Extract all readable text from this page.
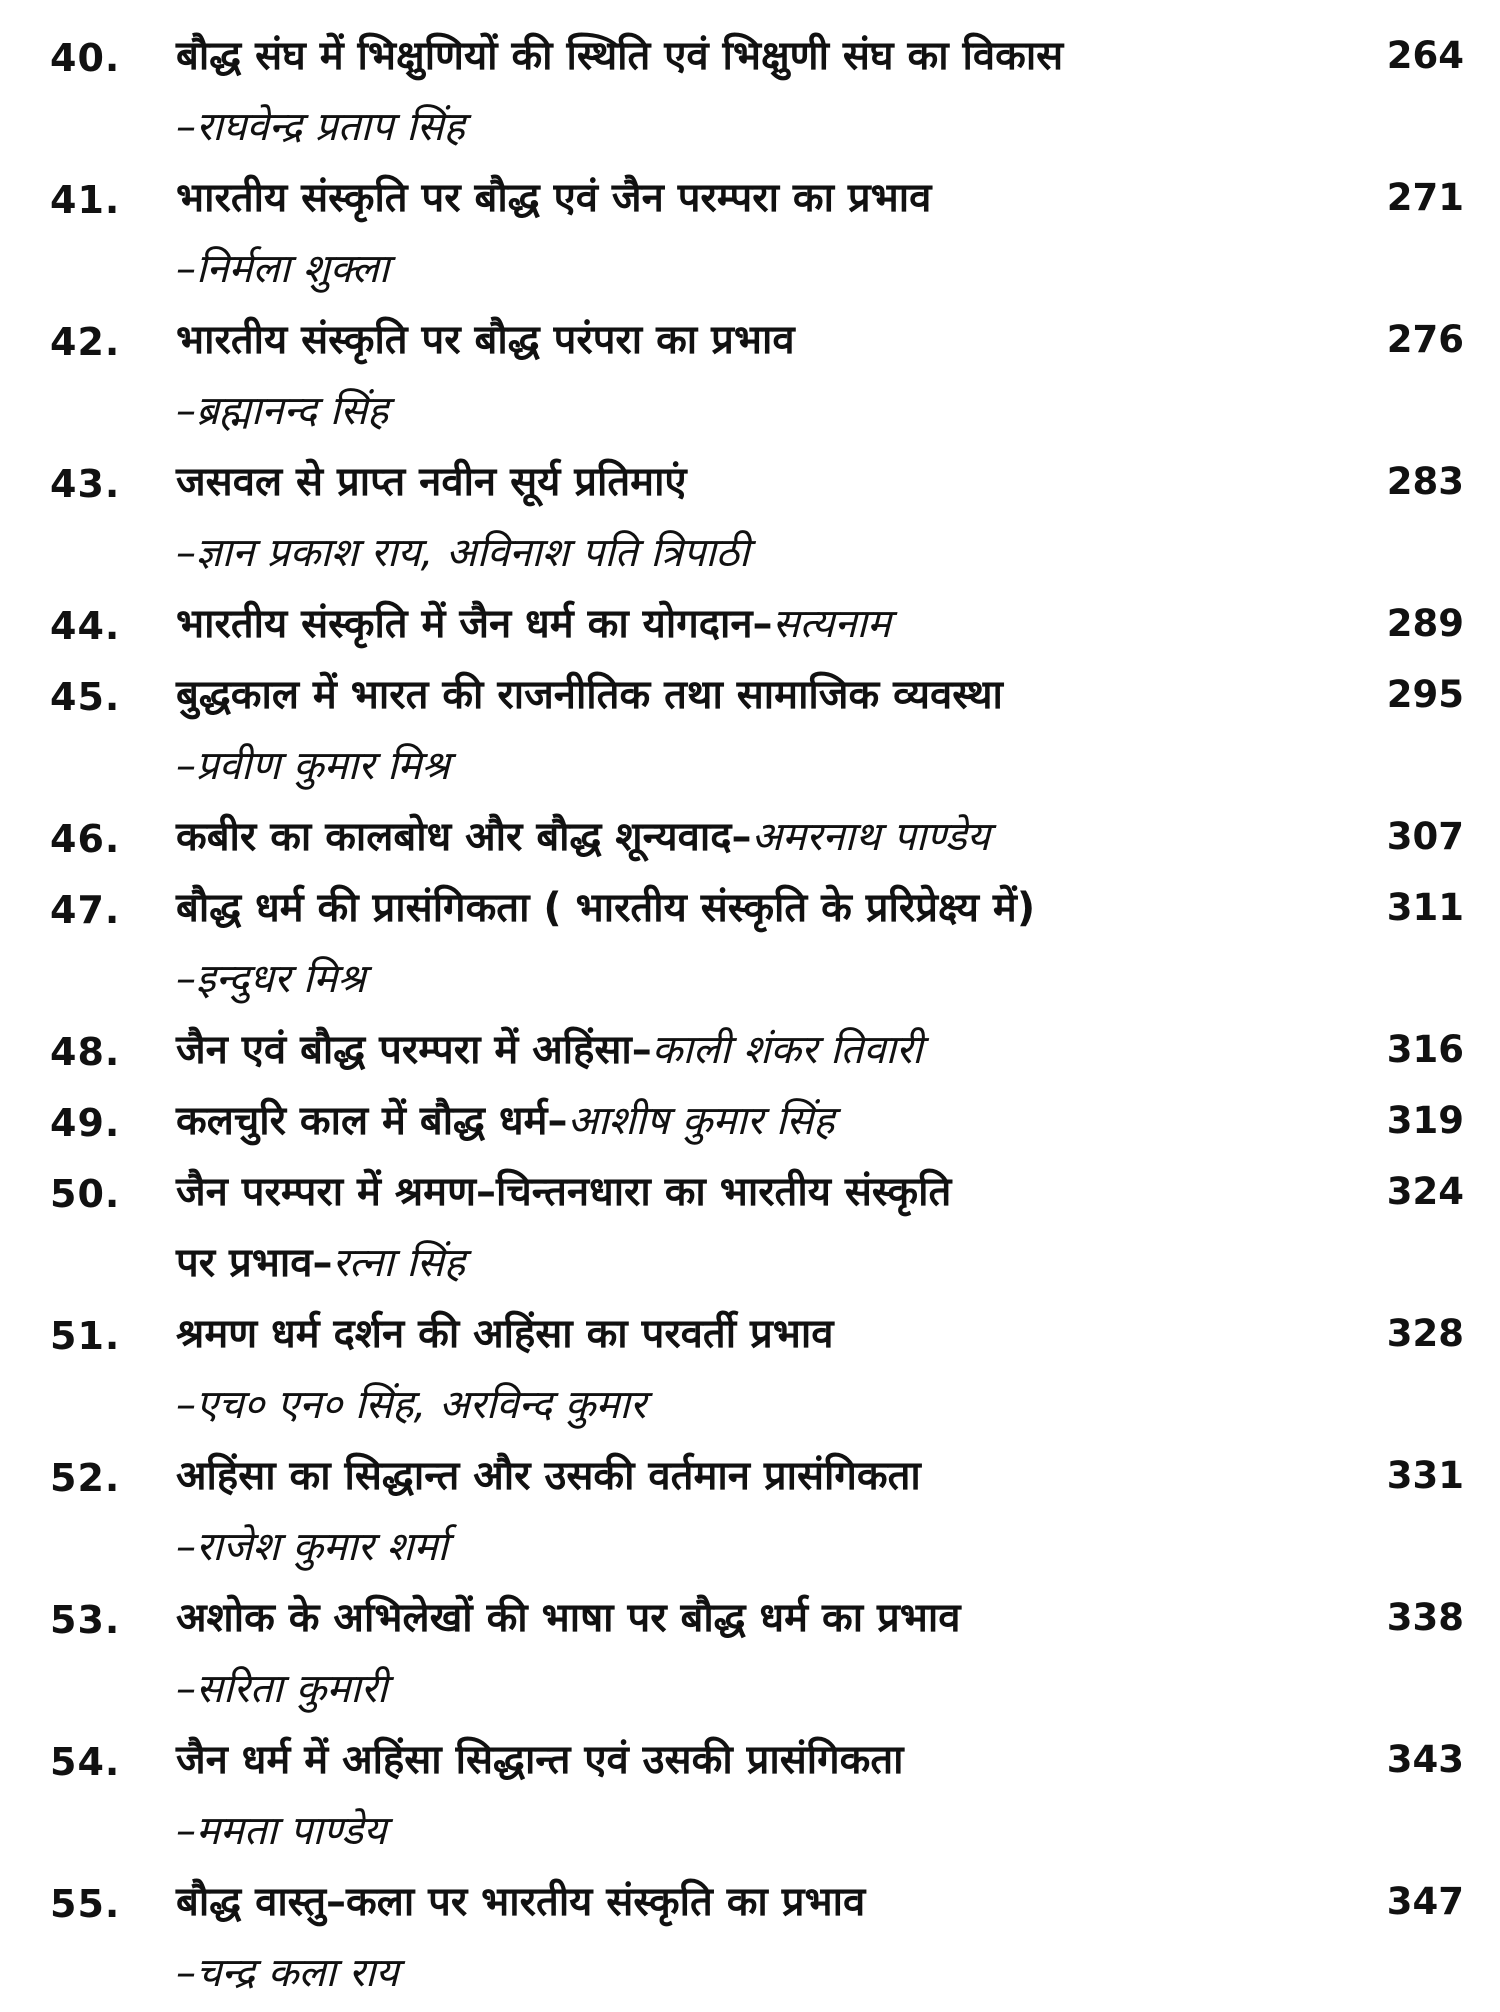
40. बौद्ध संघ में भिक्षुणियों की स्थिति एवं भिक्षुणी संघ का विकास	264
–राघवेन्द्र प्रताप सिंह
41. भारतीय संस्कृति पर बौद्ध एवं जैन परम्परा का प्रभाव	271
–निर्मला शुक्ला
42. भारतीय संस्कृति पर बौद्ध परंपरा का प्रभाव	276
–ब्रह्मानन्द सिंह
43. जसवल से प्राप्त नवीन सूर्य प्रतिमाएं	283
–ज्ञान प्रकाश राय, अविनाश पति त्रिपाठी
44. भारतीय संस्कृति में जैन धर्म का योगदान–सत्यनाम	289
45. बुद्धकाल में भारत की राजनीतिक तथा सामाजिक व्यवस्था	295
–प्रवीण कुमार मिश्र
46. कबीर का कालबोध और बौद्ध शून्यवाद–अमरनाथ पाण्डेय	307
47. बौद्ध धर्म की प्रासंगिकता ( भारतीय संस्कृति के प्ररिप्रेक्ष्य में)	311
–इन्दुधर मिश्र
48. जैन एवं बौद्ध परम्परा में अहिंसा–काली शंकर तिवारी	316
49. कलचुरि काल में बौद्ध धर्म–आशीष कुमार सिंह	319
50. जैन परम्परा में श्रमण–चिन्तनधारा का भारतीय संस्कृति	324
पर प्रभाव–रत्ना सिंह
51. श्रमण धर्म दर्शन की अहिंसा का परवर्ती प्रभाव	328
–एच० एन० सिंह, अरविन्द कुमार
52. अहिंसा का सिद्धान्त और उसकी वर्तमान प्रासंगिकता	331
–राजेश कुमार शर्मा
53. अशोक के अभिलेखों की भाषा पर बौद्ध धर्म का प्रभाव	338
–सरिता कुमारी
54. जैन धर्म में अहिंसा सिद्धान्त एवं उसकी प्रासंगिकता	343
–ममता पाण्डेय
55. बौद्ध वास्तु–कला पर भारतीय संस्कृति का प्रभाव	347
–चन्द्र कला राय
